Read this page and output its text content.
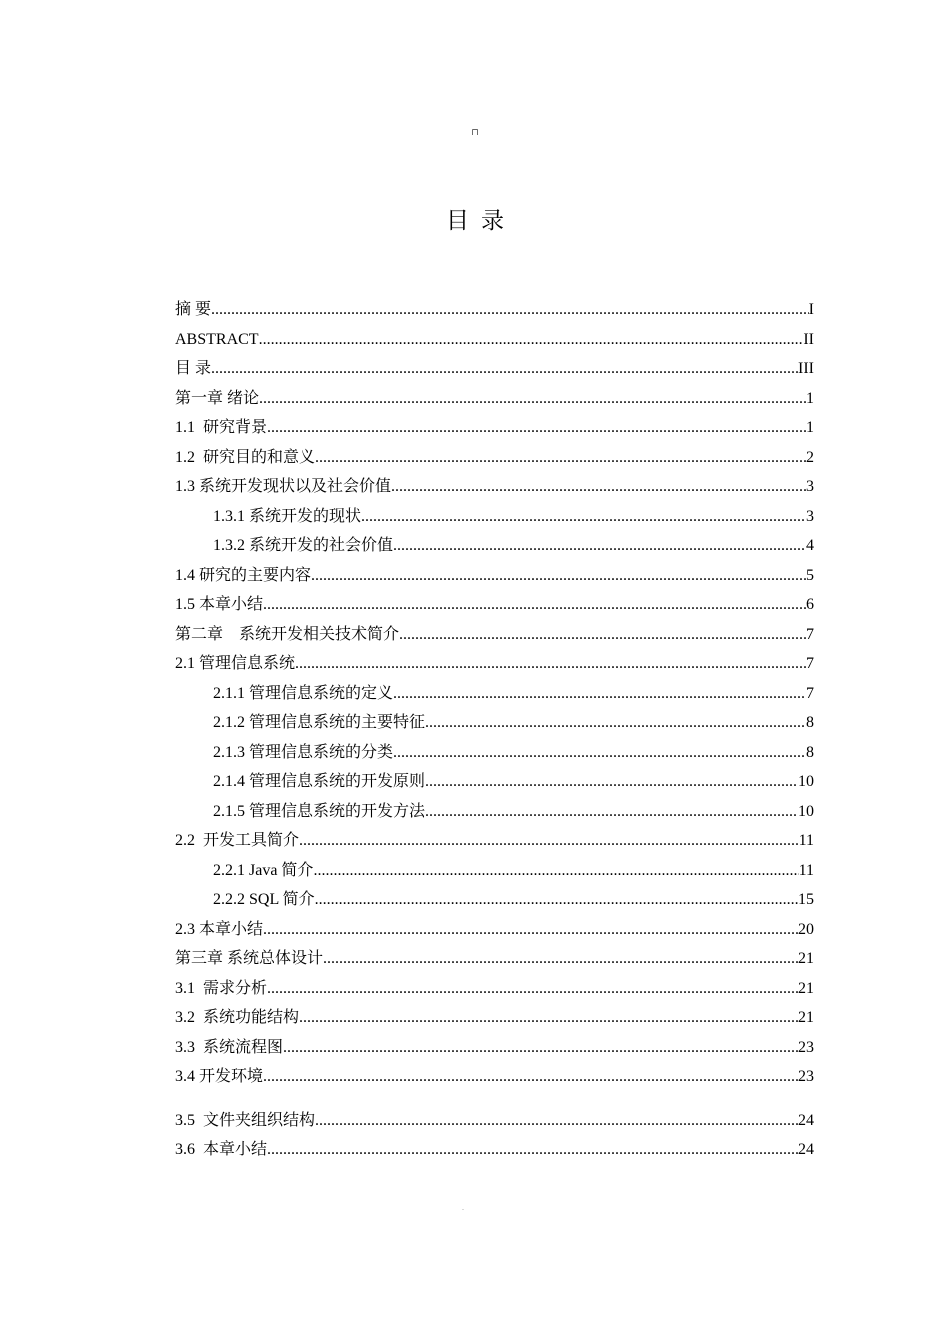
⊓
目录
摘 要 .....	I
ABSTRACT .....	II
目 录 .....	III
第一章 绪论 .....	1
1.1  研究背景 .....	1
1.2  研究目的和意义 .....	2
1.3 系统开发现状以及社会价值 .....	3
1.3.1 系统开发的现状 .....	3
1.3.2 系统开发的社会价值 .....	4
1.4 研究的主要内容 .....	5
1.5 本章小结 .....	6
第二章    系统开发相关技术简介 .....	7
2.1 管理信息系统 .....	7
2.1.1 管理信息系统的定义 .....	7
2.1.2 管理信息系统的主要特征 .....	8
2.1.3 管理信息系统的分类 .....	8
2.1.4 管理信息系统的开发原则 .....	10
2.1.5 管理信息系统的开发方法 .....	10
2.2  开发工具简介 .....	11
2.2.1 Java 简介 .....	11
2.2.2 SQL 简介 .....	15
2.3 本章小结 .....	20
第三章 系统总体设计 .....	21
3.1  需求分析 .....	21
3.2  系统功能结构 .....	21
3.3  系统流程图 .....	23
3.4 开发环境 .....	23
3.5  文件夹组织结构 .....	24
3.6  本章小结 .....	24
-
